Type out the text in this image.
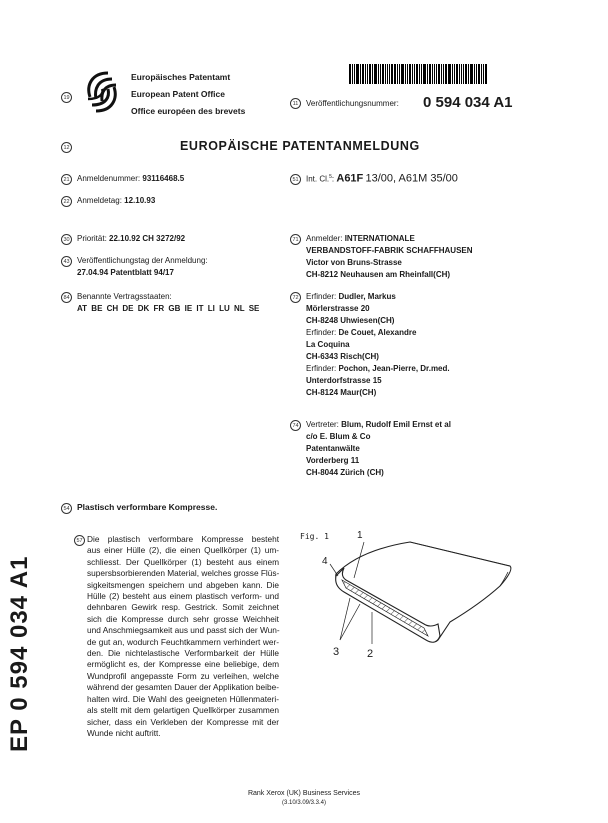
19
Europäisches Patentamt
European Patent Office
Office européen des brevets
11 Veröffentlichungsnummer: 0 594 034 A1
12	EUROPÄISCHE PATENTANMELDUNG
21 Anmeldenummer: 93116468.5
22 Anmeldetag: 12.10.93
51 Int. Cl.$^5$: A61F 13/00, A61M 35/00
30 Priorität: 22.10.92 CH 3272/92
43 Veröffentlichungstag der Anmeldung:
27.04.94 Patentblatt 94/17
84 Benannte Vertragsstaaten:
AT BE CH DE DK FR GB IE IT LI LU NL SE
71 Anmelder: INTERNATIONALE
VERBANDSTOFF-FABRIK SCHAFFHAUSEN
Victor von Bruns-Strasse
CH-8212 Neuhausen am Rheinfall(CH)
72 Erfinder: Dudler, Markus
Mörlerstrasse 20
CH-8248 Uhwiesen(CH)
Erfinder: De Couet, Alexandre
La Coquina
CH-6343 Risch(CH)
Erfinder: Pochon, Jean-Pierre, Dr.med.
Unterdorfstrasse 15
CH-8124 Maur(CH)
74 Vertreter: Blum, Rudolf Emil Ernst et al
c/o E. Blum & Co
Patentanwälte
Vorderberg 11
CH-8044 Zürich (CH)
54 Plastisch verformbare Kompresse.
57 Die plastisch verformbare Kompresse besteht
aus einer Hülle (2), die einen Quellkörper (1) um-
schliesst. Der Quellkörper (1) besteht aus einem
supersbsorbierenden Material, welches grosse Flüs-
sigkeitsmengen speichern und abgeben kann. Die
Hülle (2) besteht aus einem plastisch verform- und
dehnbaren Gewirk resp. Gestrick. Somit zeichnet
sich die Kompresse durch sehr grosse Weichheit
und Anschmiegsamkeit aus und passt sich der Wun-
de gut an, wodurch Feuchtkammern verhindert wer-
den. Die nichtelastische Verformbarkeit der Hülle
ermöglicht es, der Kompresse eine beliebige, dem
Wundprofil angepasste Form zu verleihen, welche
während der gesamten Dauer der Applikation beibe-
halten wird. Die Wahl des geeigneten Hüllenmateri-
als stellt mit dem gelartigen Quellkörper zusammen
sicher, dass ein Verkleben der Kompresse mit der
Wunde nicht auftritt.
Fig. 1	1
4
3	2
EP 0 594 034 A1
Rank Xerox (UK) Business Services
(3.10/3.09/3.3.4)
